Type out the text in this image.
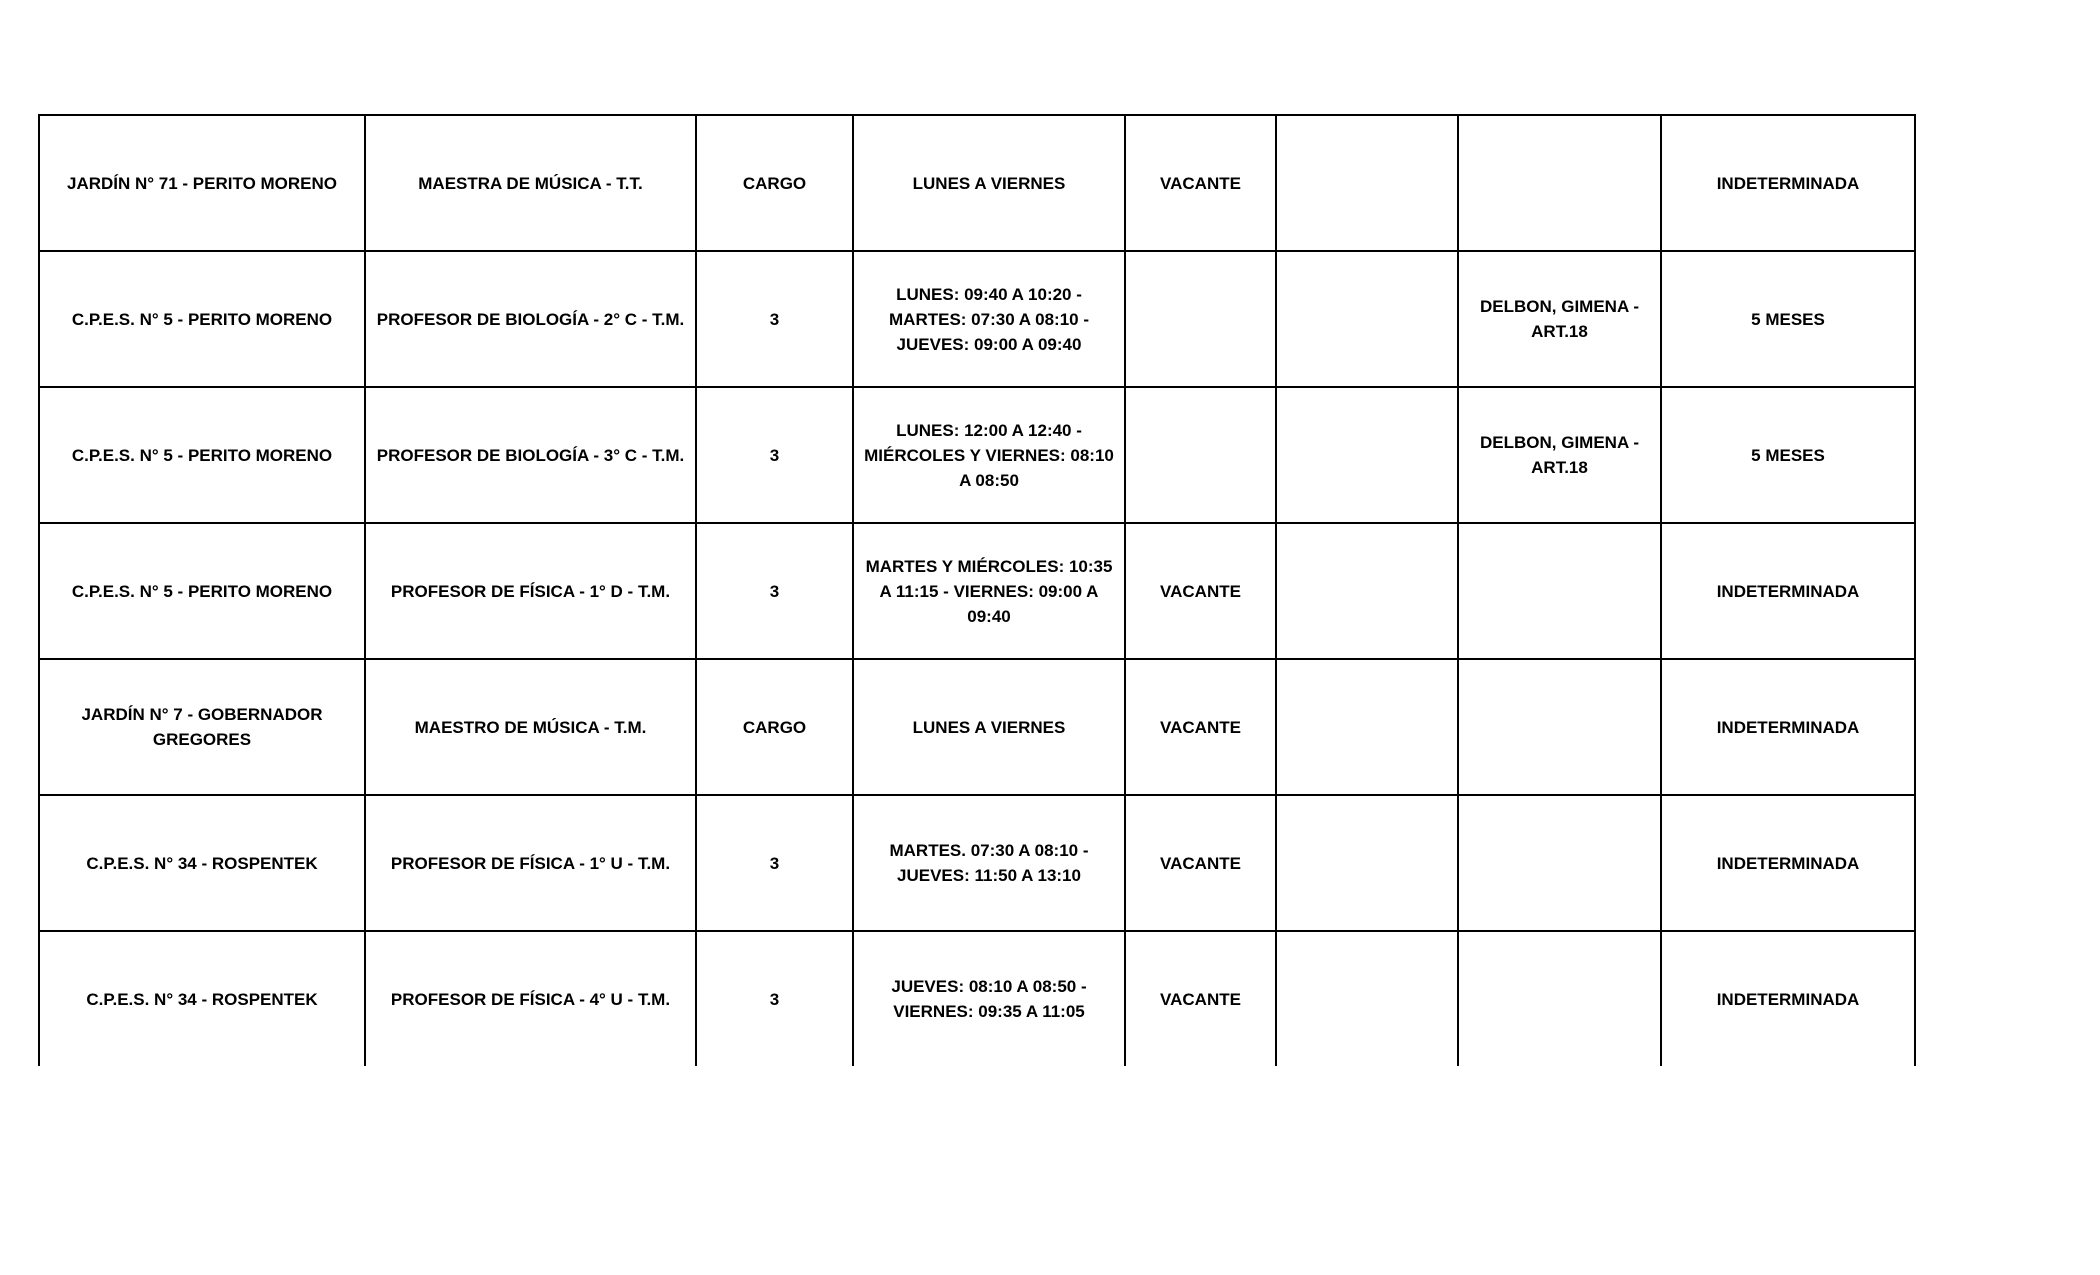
JARDÍN N° 71 - PERITO MORENO	MAESTRA DE MÚSICA - T.T.	CARGO	LUNES A VIERNES	VACANTE			INDETERMINADA
C.P.E.S. N° 5 - PERITO MORENO	PROFESOR DE BIOLOGÍA - 2° C - T.M.	3	LUNES: 09:40 A 10:20 - MARTES: 07:30 A 08:10 - JUEVES: 09:00 A 09:40			DELBON, GIMENA - ART.18	5 MESES
C.P.E.S. N° 5 - PERITO MORENO	PROFESOR DE BIOLOGÍA - 3° C - T.M.	3	LUNES: 12:00 A 12:40 - MIÉRCOLES Y VIERNES: 08:10 A 08:50			DELBON, GIMENA - ART.18	5 MESES
C.P.E.S. N° 5 - PERITO MORENO	PROFESOR DE FÍSICA - 1° D - T.M.	3	MARTES Y MIÉRCOLES: 10:35 A 11:15 - VIERNES: 09:00 A 09:40	VACANTE			INDETERMINADA
JARDÍN N° 7 - GOBERNADOR GREGORES	MAESTRO DE MÚSICA - T.M.	CARGO	LUNES A VIERNES	VACANTE			INDETERMINADA
C.P.E.S. N° 34 - ROSPENTEK	PROFESOR DE FÍSICA - 1° U - T.M.	3	MARTES. 07:30 A 08:10 - JUEVES: 11:50 A 13:10	VACANTE			INDETERMINADA
C.P.E.S. N° 34 - ROSPENTEK	PROFESOR DE FÍSICA - 4° U - T.M.	3	JUEVES: 08:10 A 08:50 - VIERNES: 09:35 A 11:05	VACANTE			INDETERMINADA
